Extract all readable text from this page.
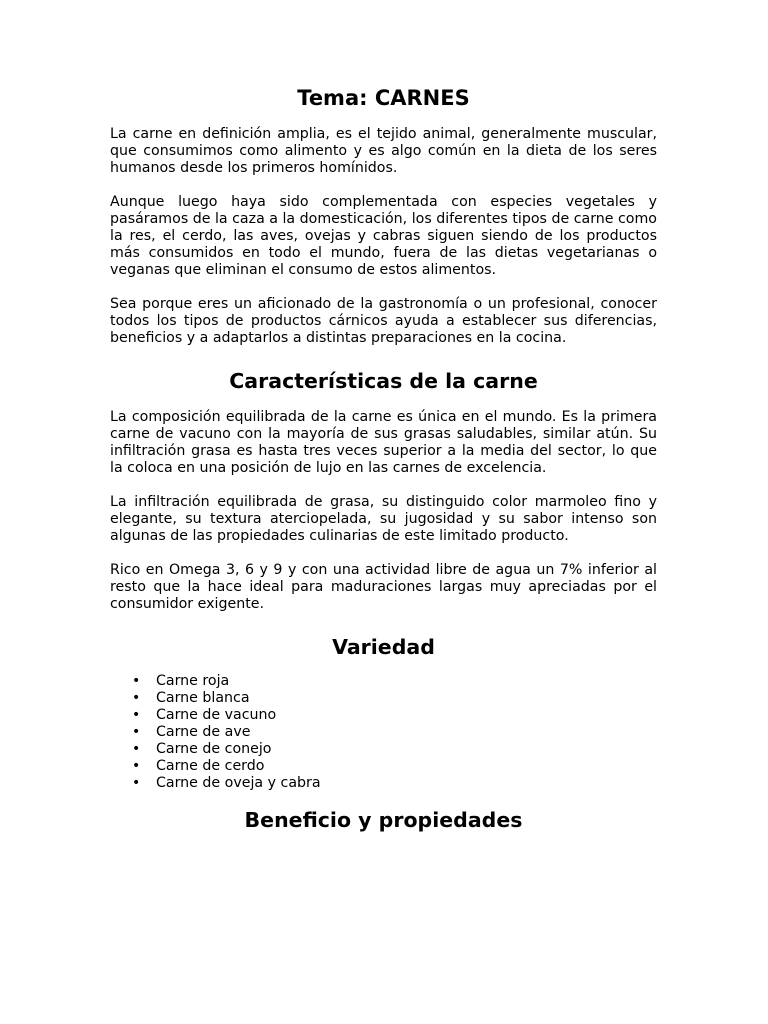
Tema: CARNES

La carne en definición amplia, es el tejido animal, generalmente muscular, que consumimos como alimento y es algo común en la dieta de los seres humanos desde los primeros homínidos.

Aunque luego haya sido complementada con especies vegetales y pasáramos de la caza a la domesticación, los diferentes tipos de carne como la res, el cerdo, las aves, ovejas y cabras siguen siendo de los productos más consumidos en todo el mundo, fuera de las dietas vegetarianas o veganas que eliminan el consumo de estos alimentos.

Sea porque eres un aficionado de la gastronomía o un profesional, conocer todos los tipos de productos cárnicos ayuda a establecer sus diferencias, beneficios y a adaptarlos a distintas preparaciones en la cocina.

Características de la carne

La composición equilibrada de la carne es única en el mundo. Es la primera carne de vacuno con la mayoría de sus grasas saludables, similar atún. Su infiltración grasa es hasta tres veces superior a la media del sector, lo que la coloca en una posición de lujo en las carnes de excelencia.

La infiltración equilibrada de grasa, su distinguido color marmoleo fino y elegante, su textura aterciopelada, su jugosidad y su sabor intenso son algunas de las propiedades culinarias de este limitado producto.

Rico en Omega 3, 6 y 9 y con una actividad libre de agua un 7% inferior al resto que la hace ideal para maduraciones largas muy apreciadas por el consumidor exigente.

Variedad
• Carne roja
• Carne blanca
• Carne de vacuno
• Carne de ave
• Carne de conejo
• Carne de cerdo
• Carne de oveja y cabra
Beneficio y propiedades
